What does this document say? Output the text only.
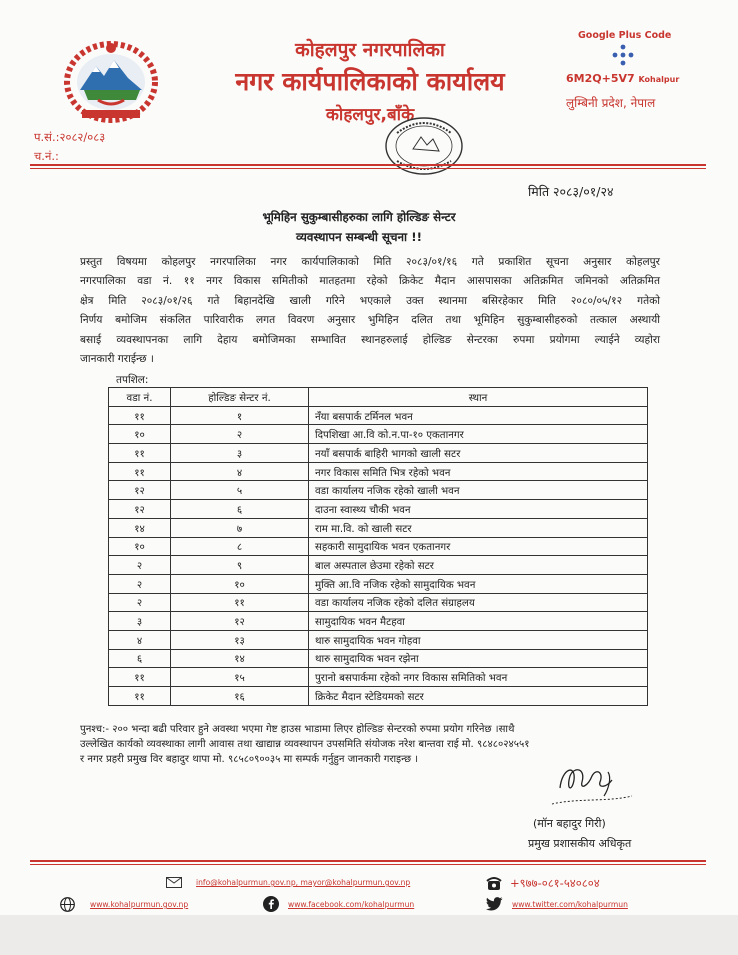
कोहलपुर नगरपालिका
नगर कार्यपालिकाको कार्यालय
कोहलपुर,बाँके
Google Plus Code
6M2Q+5V7 Kohalpur
लुम्बिनी प्रदेश, नेपाल
प.सं.:२०८२/०८३
च.नं.:
मिति २०८३/०१/२४
भूमिहिन सुकुम्बासीहरुका लागि होल्डिङ सेन्टर
व्यवस्थापन सम्बन्धी सूचना !!
प्रस्तुत विषयमा कोहलपुर नगरपालिका नगर कार्यपालिकाको मिति २०८३/०१/१६ गते प्रकाशित सूचना अनुसार कोहलपुर
नगरपालिका वडा नं. ११ नगर विकास समितीको मातहतमा रहेको क्रिकेट मैदान आसपासका अतिक्रमित जमिनको अतिक्रमित
क्षेत्र मिति २०८३/०१/२६ गते बिहानदेखि खाली गरिने भएकाले उक्त स्थानमा बसिरहेकार मिति २०८०/०५/१२ गतेको
निर्णय बमोजिम संकलित पारिवारीक लगत विवरण अनुसार भुमिहिन दलित तथा भूमिहिन सुकुम्बासीहरुको तत्काल अस्थायी
बसाई व्यवस्थापनका लागि देहाय बमोजिमका सम्भावित स्थानहरुलाई होल्डिङ सेन्टरका रुपमा प्रयोगमा ल्याईने व्यहोरा
जानकारी गराईन्छ ।
तपशिल:
वडा नं.	होल्डिङ सेन्टर नं.	स्थान
११	१	नँया बसपार्क टर्मिनल भवन
१०	२	दिपशिखा आ.वि को.न.पा-१० एकतानगर
११	३	नयाँ बसपार्क बाहिरी भागको खाली सटर
११	४	नगर विकास समिति भित्र रहेको भवन
१२	५	वडा कार्यालय नजिक रहेको खाली भवन
१२	६	दाउना स्वास्थ्य चौकी भवन
१४	७	राम मा.वि. को खाली सटर
१०	८	सहकारी सामुदायिक भवन एकतानगर
२	९	बाल अस्पताल छेउमा रहेको सटर
२	१०	मुक्ति आ.वि नजिक रहेको सामुदायिक भवन
२	११	वडा कार्यालय नजिक रहेको दलित संग्राहलय
३	१२	सामुदायिक भवन मैटहवा
४	१३	थारु सामुदायिक भवन गोहवा
६	१४	थारु सामुदायिक भवन रझेना
११	१५	पुरानो बसपार्कमा रहेको नगर विकास समितिको भवन
११	१६	क्रिकेट मैदान स्टेडियमको सटर
पुनश्च:- २०० भन्दा बढी परिवार हुने अवस्था भएमा गेष्ट हाउस भाडामा लिएर होल्डिङ सेन्टरको रुपमा प्रयोग गरिनेछ ।साथै
उल्लेखित कार्यको व्यवस्थाका लागी आवास तथा खाद्यान्न व्यवस्थापन उपसमिति संयोजक नरेश बान्तवा राई मो. ९८४८०२४५५१
र नगर प्रहरी प्रमुख विर बहादुर थापा मो. ९८५८०९००३५ मा सम्पर्क गर्नुहुन जानकारी गराइन्छ ।
(मॉन बहादुर गिरी)
प्रमुख प्रशासकीय अधिकृत
info@kohalpurmun.gov.np, mayor@kohalpurmun.gov.np	+९७७-०८१-५४०८०४
www.kohalpurmun.gov.np	www.facebook.com/kohalpurmun	www.twitter.com/kohalpurmun
